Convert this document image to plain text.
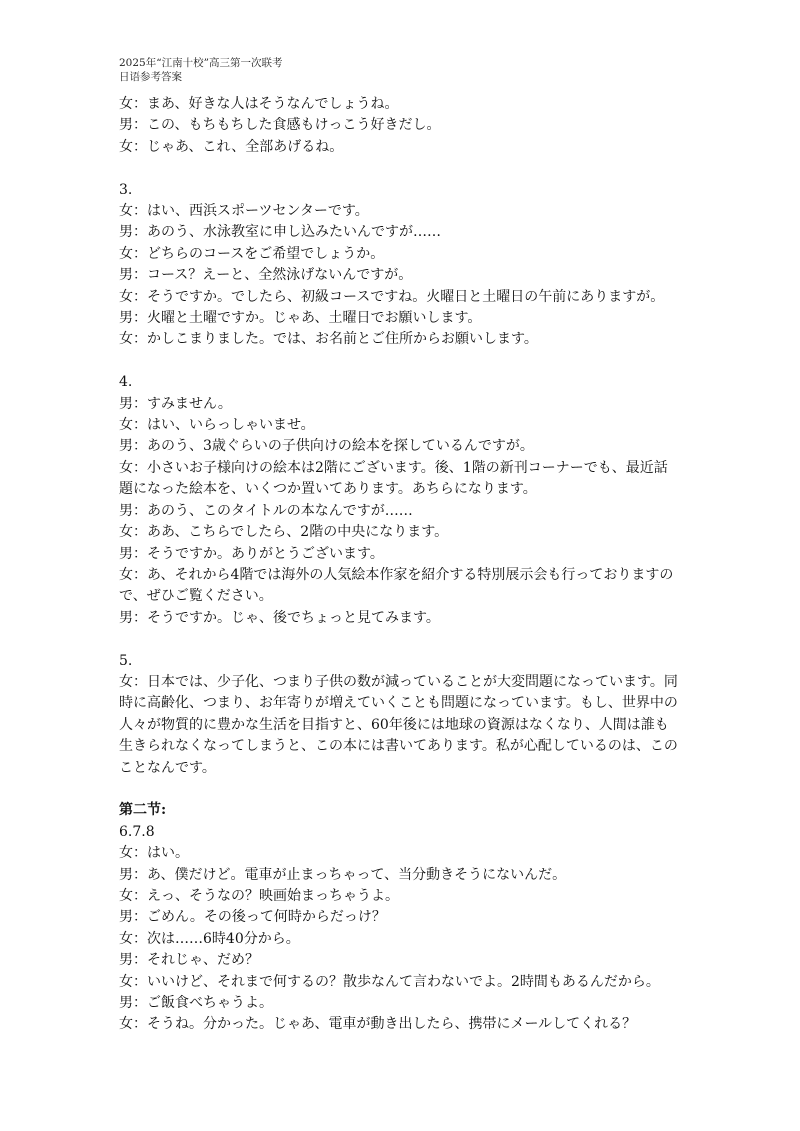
2025年“江南十校”高三第一次联考
日语参考答案
女：まあ、好きな人はそうなんでしょうね。
男：この、もちもちした食感もけっこう好きだし。
女：じゃあ、これ、全部あげるね。
3.
女：はい、西浜スポーツセンターです。
男：あのう、水泳教室に申し込みたいんですが……
女：どちらのコースをご希望でしょうか。
男：コース？えーと、全然泳げないんですが。
女：そうですか。でしたら、初級コースですね。火曜日と土曜日の午前にありますが。
男：火曜と土曜ですか。じゃあ、土曜日でお願いします。
女：かしこまりました。では、お名前とご住所からお願いします。
4.
男：すみません。
女：はい、いらっしゃいませ。
男：あのう、3歳ぐらいの子供向けの絵本を探しているんですが。
女：小さいお子様向けの絵本は2階にございます。後、1階の新刊コーナーでも、最近話
題になった絵本を、いくつか置いてあります。あちらになります。
男：あのう、このタイトルの本なんですが……
女：ああ、こちらでしたら、2階の中央になります。
男：そうですか。ありがとうございます。
女：あ、それから4階では海外の人気絵本作家を紹介する特別展示会も行っておりますの
で、ぜひご覧ください。
男：そうですか。じゃ、後でちょっと見てみます。
5.
女：日本では、少子化、つまり子供の数が減っていることが大変問題になっています。同
時に高齢化、つまり、お年寄りが増えていくことも問題になっています。もし、世界中の
人々が物質的に豊かな生活を目指すと、60年後には地球の資源はなくなり、人間は誰も
生きられなくなってしまうと、この本には書いてあります。私が心配しているのは、この
ことなんです。
第二节:
6.7.8
女：はい。
男：あ、僕だけど。電車が止まっちゃって、当分動きそうにないんだ。
女：えっ、そうなの？映画始まっちゃうよ。
男：ごめん。その後って何時からだっけ？
女：次は……6時40分から。
男：それじゃ、だめ？
女：いいけど、それまで何するの？散歩なんて言わないでよ。2時間もあるんだから。
男：ご飯食べちゃうよ。
女：そうね。分かった。じゃあ、電車が動き出したら、携帯にメールしてくれる？
